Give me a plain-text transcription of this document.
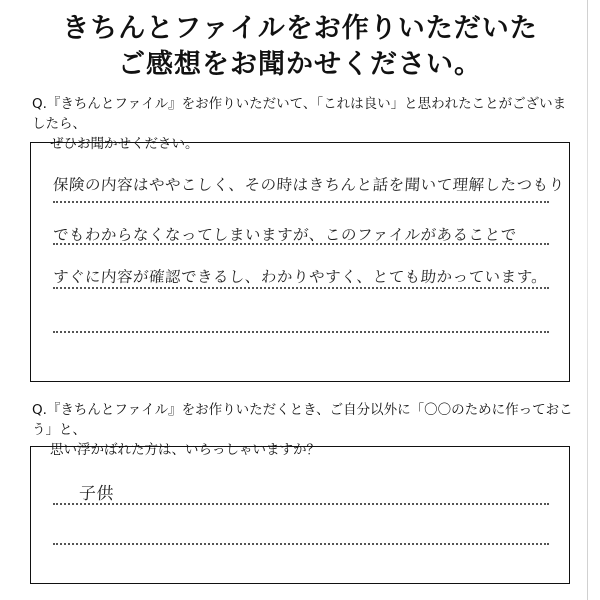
きちんとファイルをお作りいただいた
ご感想をお聞かせください。
Q.『きちんとファイル』をお作りいただいて、「これは良い」と思われたことがございましたら、
ぜひお聞かせください。
保険の内容はややこしく、その時はきちんと話を聞いて理解したつもり
でもわからなくなってしまいますが、このファイルがあることで
すぐに内容が確認できるし、わかりやすく、とても助かっています。
Q.『きちんとファイル』をお作りいただくとき、ご自分以外に「〇〇のために作っておこう」と、
思い浮かばれた方は、いらっしゃいますか？
子供
